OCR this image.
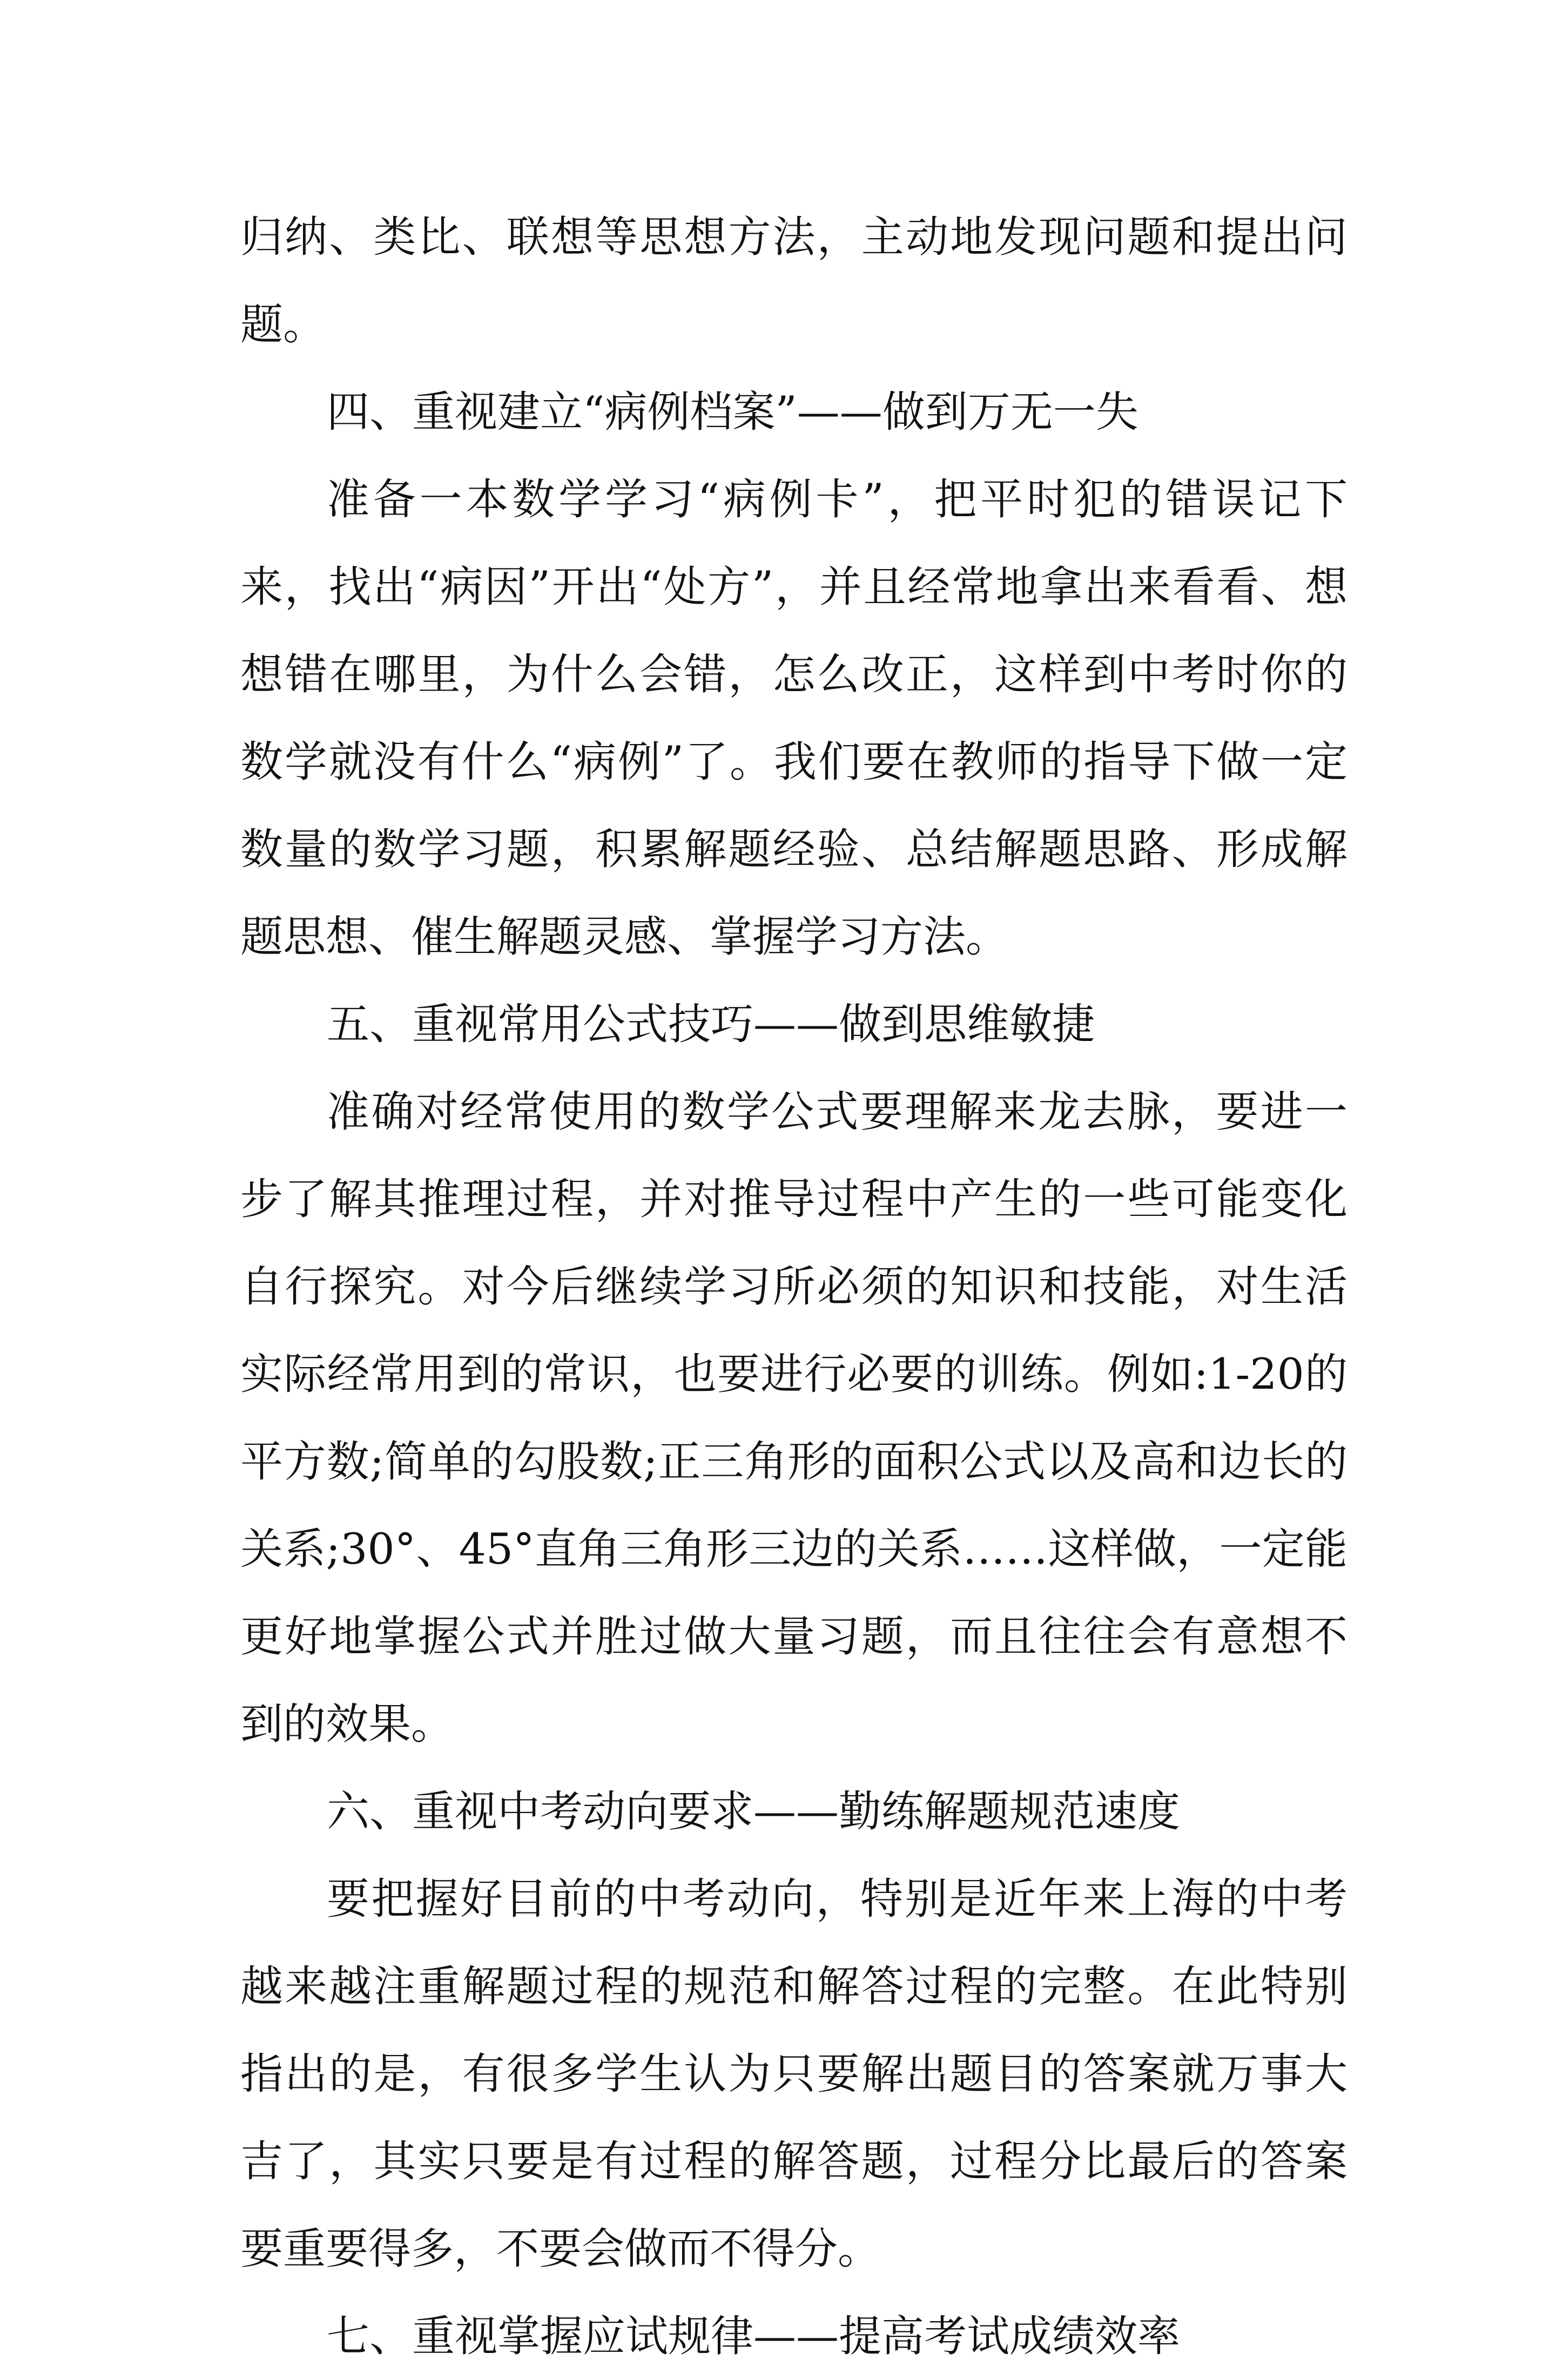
归纳、类比、联想等思想方法，主动地发现问题和提出问题。

四、重视建立“病例档案”——做到万无一失

准备一本数学学习“病例卡”，把平时犯的错误记下来，找出“病因”开出“处方”，并且经常地拿出来看看、想想错在哪里，为什么会错，怎么改正，这样到中考时你的数学就没有什么“病例”了。我们要在教师的指导下做一定数量的数学习题，积累解题经验、总结解题思路、形成解题思想、催生解题灵感、掌握学习方法。

五、重视常用公式技巧——做到思维敏捷

准确对经常使用的数学公式要理解来龙去脉，要进一步了解其推理过程，并对推导过程中产生的一些可能变化自行探究。对今后继续学习所必须的知识和技能，对生活实际经常用到的常识，也要进行必要的训练。例如:1-20的平方数;简单的勾股数;正三角形的面积公式以及高和边长的关系;30°、45°直角三角形三边的关系……这样做，一定能更好地掌握公式并胜过做大量习题，而且往往会有意想不到的效果。

六、重视中考动向要求——勤练解题规范速度

要把握好目前的中考动向，特别是近年来上海的中考越来越注重解题过程的规范和解答过程的完整。在此特别指出的是，有很多学生认为只要解出题目的答案就万事大吉了，其实只要是有过程的解答题，过程分比最后的答案要重要得多，不要会做而不得分。

七、重视掌握应试规律——提高考试成绩效率
